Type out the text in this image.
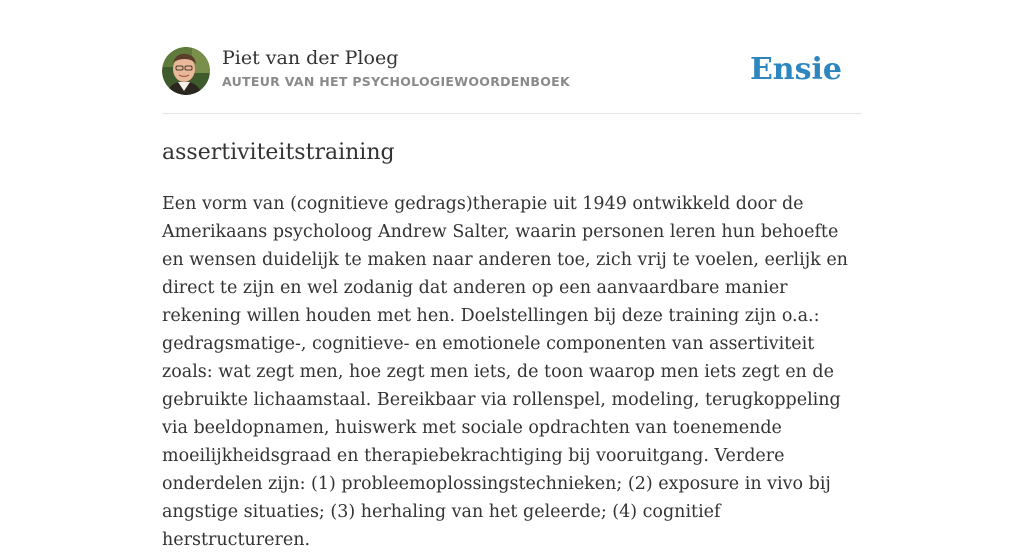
Piet van der Ploeg
AUTEUR VAN HET PSYCHOLOGIEWOORDENBOEK	Ensie
assertiviteitstraining

Een vorm van (cognitieve gedrags)therapie uit 1949 ontwikkeld door de Amerikaans psycholoog Andrew Salter, waarin personen leren hun behoefte en wensen duidelijk te maken naar anderen toe, zich vrij te voelen, eerlijk en direct te zijn en wel zodanig dat anderen op een aanvaardbare manier rekening willen houden met hen. Doelstellingen bij deze training zijn o.a.: gedragsmatige-, cognitieve- en emotionele componenten van assertiviteit zoals: wat zegt men, hoe zegt men iets, de toon waarop men iets zegt en de gebruikte lichaamstaal. Bereikbaar via rollenspel, modeling, terugkoppeling via beeldopnamen, huiswerk met sociale opdrachten van toenemende moeilijkheidsgraad en therapiebekrachtiging bij vooruitgang. Verdere onderdelen zijn: (1) probleemoplossingstechnieken; (2) exposure in vivo bij angstige situaties; (3) herhaling van het geleerde; (4) cognitief herstructureren.
